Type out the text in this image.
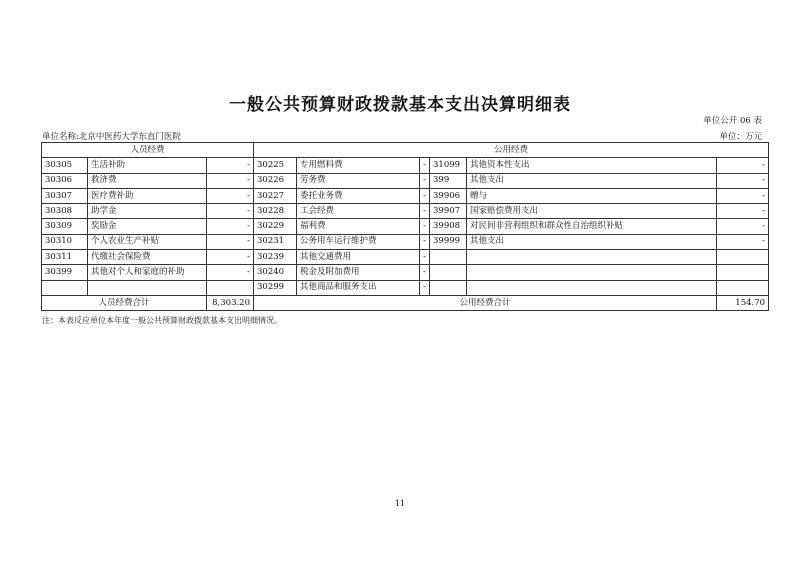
一般公共预算财政拨款基本支出决算明细表
单位公开 06 表
单位名称:北京中医药大学东直门医院	单位：万元
人员经费			公用经费					
30305	生活补助	-	30225	专用燃料费	-	31099	其他资本性支出	-
30306	救济费	-	30226	劳务费	-	399	其他支出	-
30307	医疗费补助	-	30227	委托业务费	-	39906	赠与	-
30308	助学金	-	30228	工会经费	-	39907	国家赔偿费用支出	-
30309	奖励金	-	30229	福利费	-	39908	对民间非营利组织和群众性自治组织补贴	-
30310	个人农业生产补贴	-	30231	公务用车运行维护费	-	39999	其他支出	-
30311	代缴社会保险费	-	30239	其他交通费用	-			
30399	其他对个人和家庭的补助	-	30240	税金及附加费用	-			
			30299	其他商品和服务支出	-			
人员经费合计		8,303.20	公用经费合计					154.70
注：本表反应单位本年度一般公共预算财政拨款基本支出明细情况。
11
